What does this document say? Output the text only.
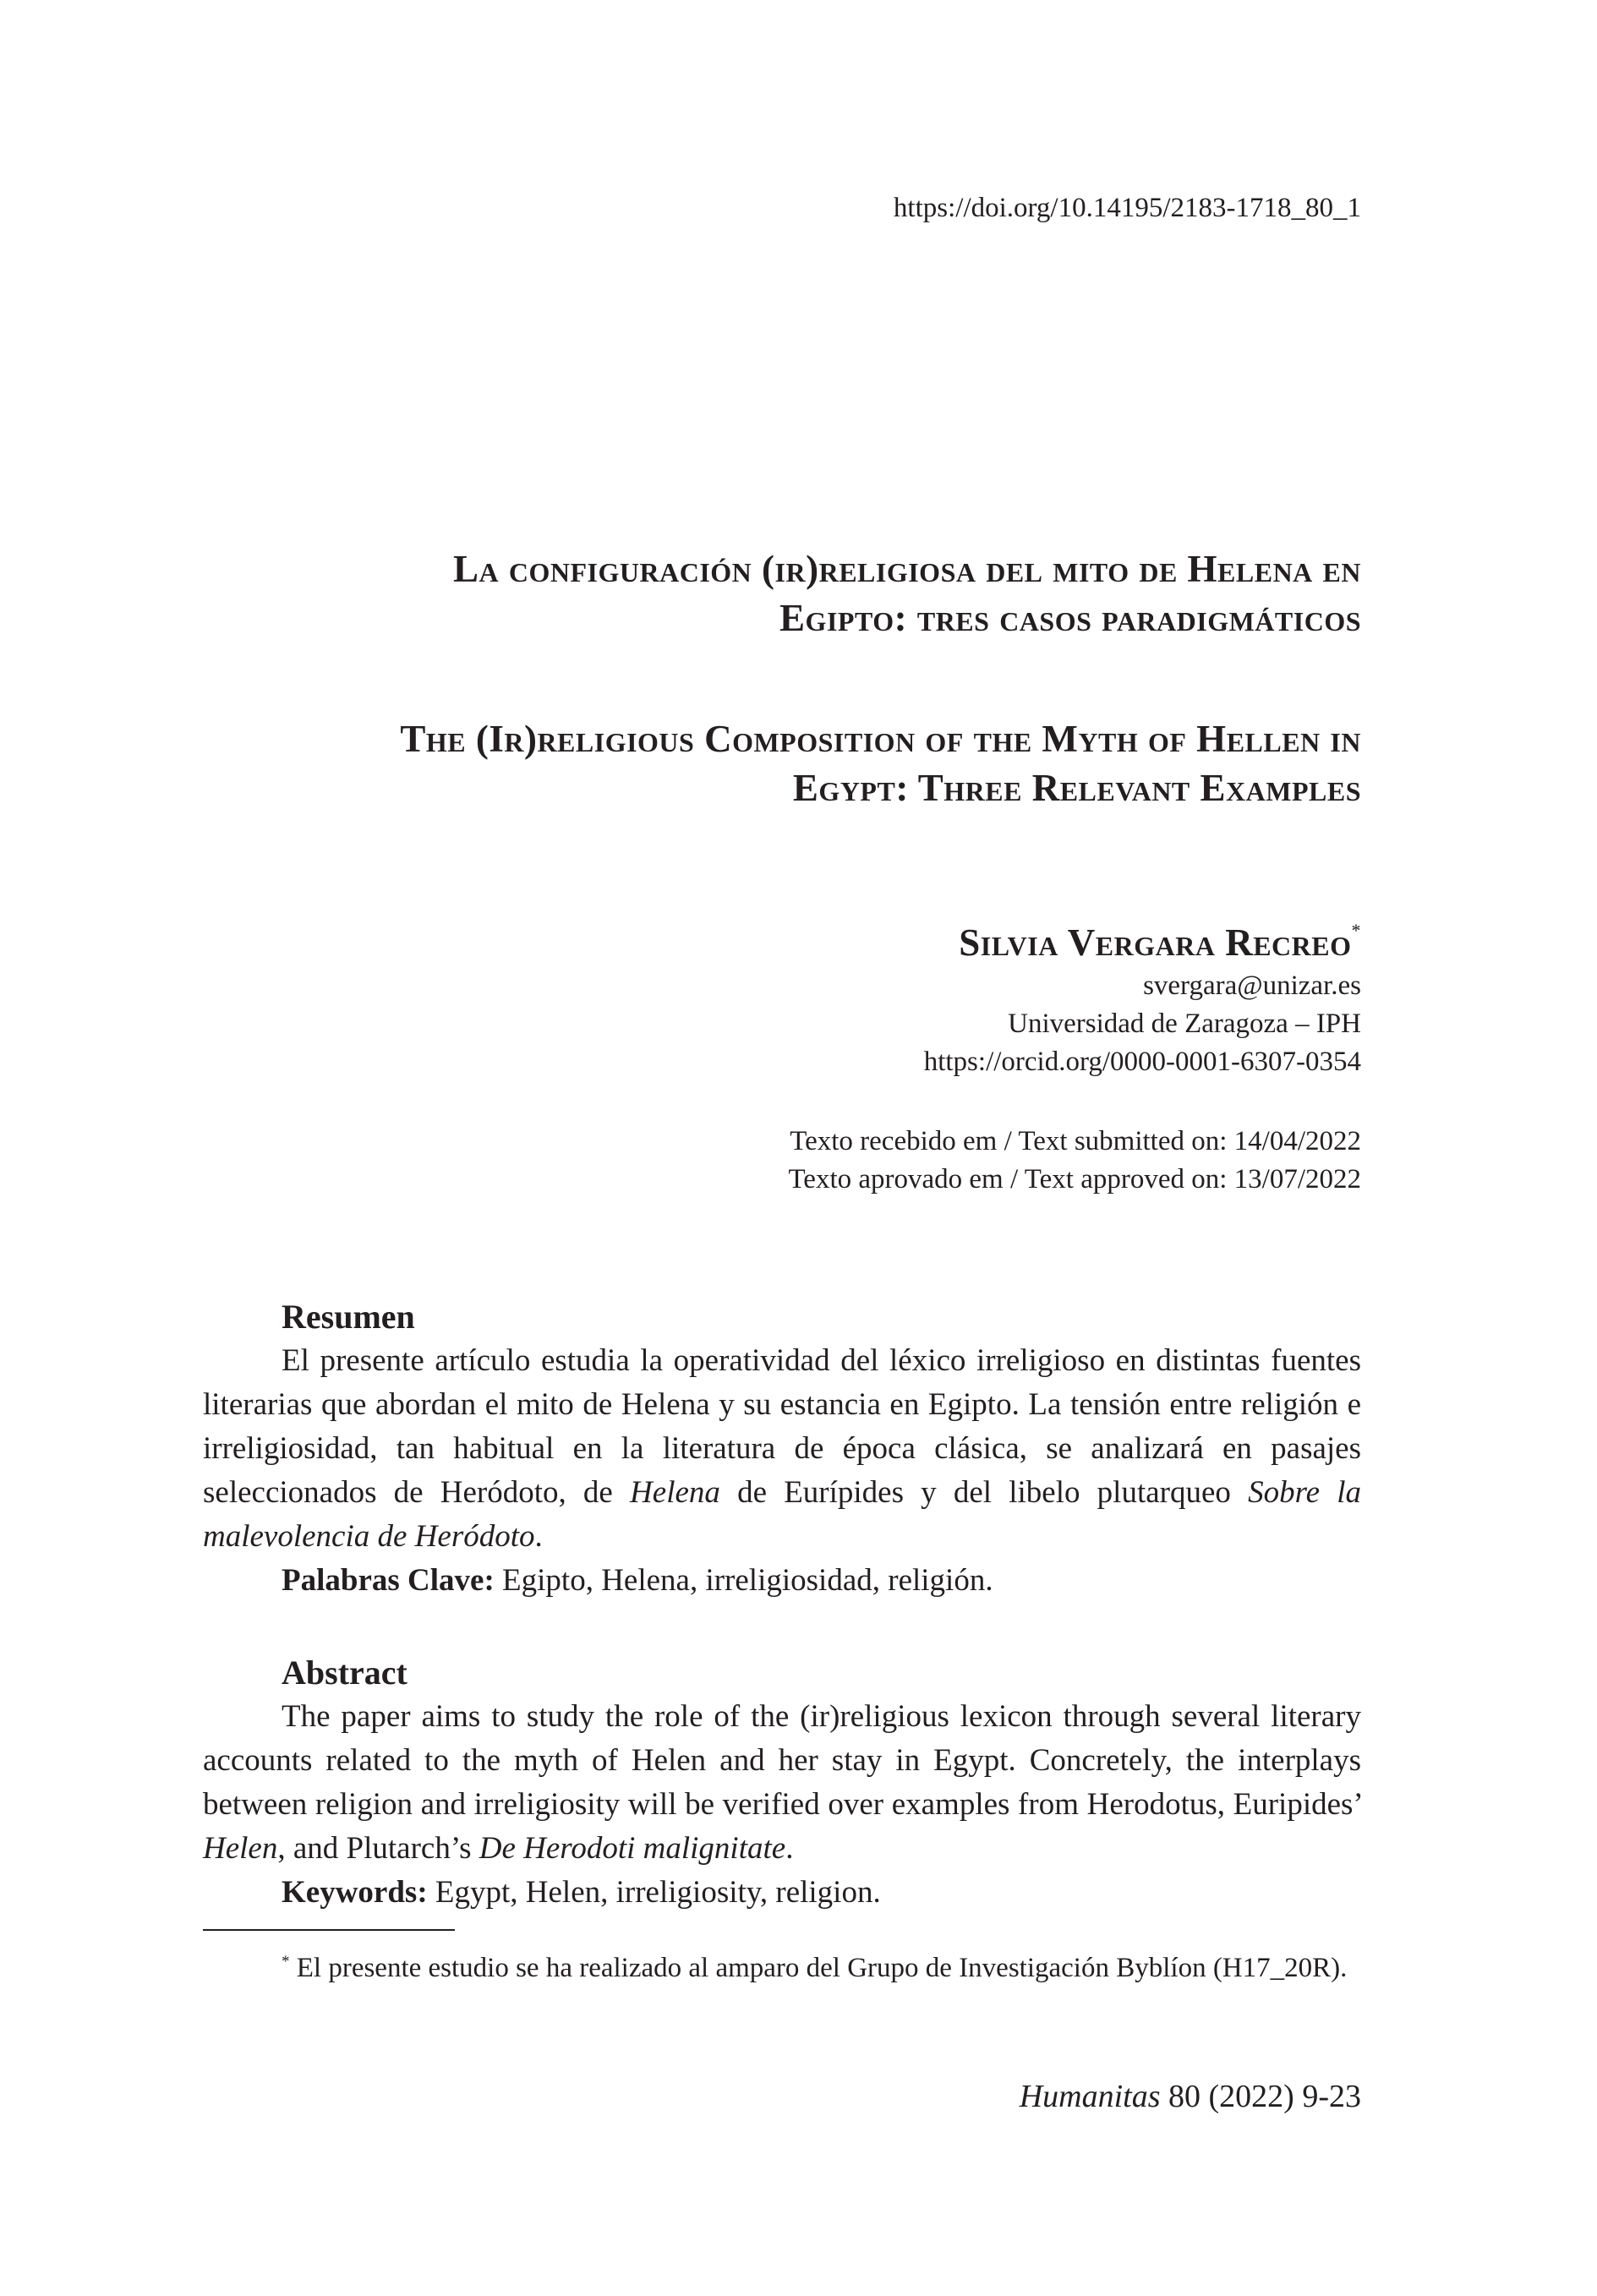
https://doi.org/10.14195/2183-1718_80_1
La configuración (ir)religiosa del mito de Helena en
Egipto: tres casos paradigmáticos
The (Ir)religious Composition of the Myth of Hellen in
Egypt: Three Relevant Examples
Silvia Vergara Recreo*
svergara@unizar.es
Universidad de Zaragoza – IPH
https://orcid.org/0000-0001-6307-0354
Texto recebido em / Text submitted on: 14/04/2022
Texto aprovado em / Text approved on: 13/07/2022
Resumen

El presente artículo estudia la operatividad del léxico irreligioso en distintas fuentes literarias que abordan el mito de Helena y su estancia en Egipto. La tensión entre religión e irreligiosidad, tan habitual en la literatura de época clásica, se analizará en pasajes seleccionados de Heródoto, de Helena de Eurípides y del libelo plutarqueo Sobre la malevolencia de Heródoto.

Palabras Clave: Egipto, Helena, irreligiosidad, religión.

Abstract

The paper aims to study the role of the (ir)religious lexicon through several literary accounts related to the myth of Helen and her stay in Egypt. Concretely, the interplays between religion and irreligiosity will be verified over examples from Herodotus, Euripides’ Helen, and Plutarch’s De Herodoti malignitate.

Keywords: Egypt, Helen, irreligiosity, religion.

* El presente estudio se ha realizado al amparo del Grupo de Investigación Byblíon (H17_20R).

Humanitas 80 (2022) 9-23
